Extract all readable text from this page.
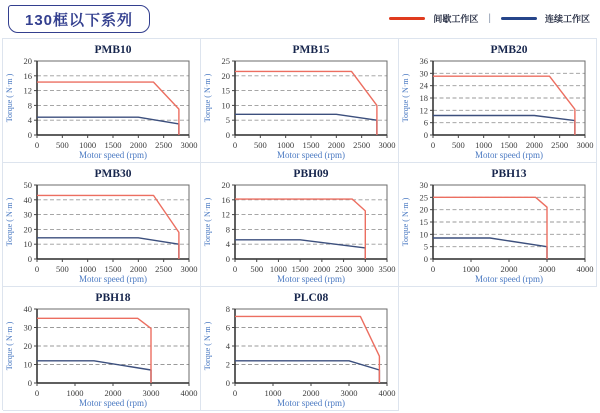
130框以下系列	间歇工作区 |	连续工作区
PMB10
0
4
8
12
16
20
0 500 1000 1500 2000 2500 3000
Motor speed (rpm)
Torque ( N·m )
PMB15
0
5
10
15
20
25
0 500 1000 1500 2000 2500 3000
Motor speed (rpm)
Torque ( N·m )
PMB20
0
6
12
18
24
30
36
0 500 1000 1500 2000 2500 3000
Motor speed (rpm)
Torque ( N·m )
PMB30
0
10
20
30
40
50
0 500 1000 1500 2000 2500 3000
Motor speed (rpm)
Torque ( N·m )
PBH09
0
4
8
12
16
20
0 500 1000 1500 2000 2500 3000 3500
Motor speed (rpm)
Torque ( N·m )
PBH13
0
5
10
15
20
25
30
0	1000 2000 3000 4000
Motor speed (rpm)
Torque ( N·m )
PBH18
0
10
20
30
40
0	1000 2000 3000 4000
Motor speed (rpm)
Torque ( N·m )
PLC08
0
2
4
6
8
0	1000 2000 3000 4000
Motor speed (rpm)
Torque ( N·m )
